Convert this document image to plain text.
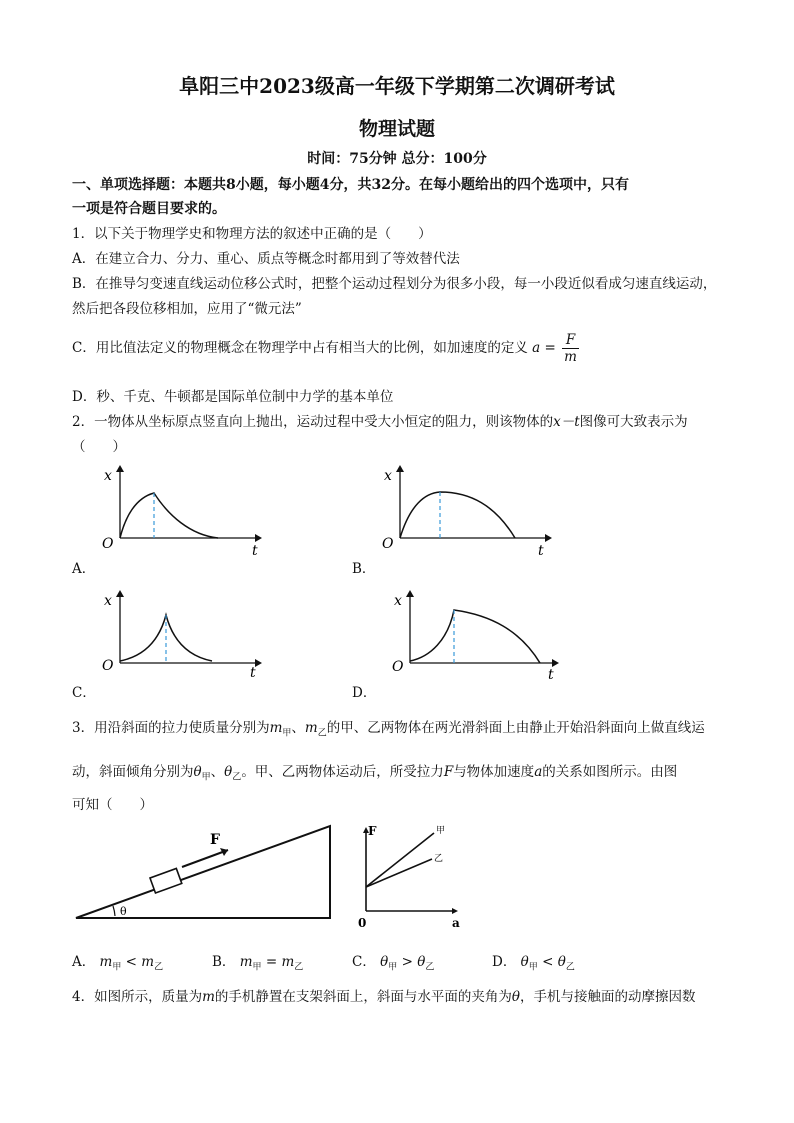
阜阳三中2023级高一年级下学期第二次调研考试
物理试题
时间：75分钟 总分：100分
一、单项选择题：本题共8小题，每小题4分，共32分。在每小题给出的四个选项中，只有
一项是符合题目要求的。
1．以下关于物理学史和物理方法的叙述中正确的是（　　）
A．在建立合力、分力、重心、质点等概念时都用到了等效替代法
B．在推导匀变速直线运动位移公式时，把整个运动过程划分为很多小段，每一小段近似看成匀速直线运动，
然后把各段位移相加，应用了“微元法”
C．用比值法定义的物理概念在物理学中占有相当大的比例，如加速度的定义 $a = \frac{F}{m}$
D．秒、千克、牛顿都是国际单位制中力学的基本单位
2．一物体从坐标原点竖直向上抛出，运动过程中受大小恒定的阻力，则该物体的x－t图像可大致表示为
（　　）
x
O	t
A．
x
O	t
B．
x
O	t
C．
x
O	t
D．
3．用沿斜面的拉力使质量分别为$m_甲$、$m_乙$的甲、乙两物体在两光滑斜面上由静止开始沿斜面向上做直线运
动，斜面倾角分别为$\theta_甲$、$\theta_乙$。甲、乙两物体运动后，所受拉力F与物体加速度a的关系如图所示。由图
可知（　　）
F
θ
F
a
0
甲
乙
A． $m_甲 < m_乙$	B． $m_甲 = m_乙$	C． $\theta_甲 > \theta_乙$	D． $\theta_甲 < \theta_乙$
4．如图所示，质量为m的手机静置在支架斜面上，斜面与水平面的夹角为θ，手机与接触面的动摩擦因数
